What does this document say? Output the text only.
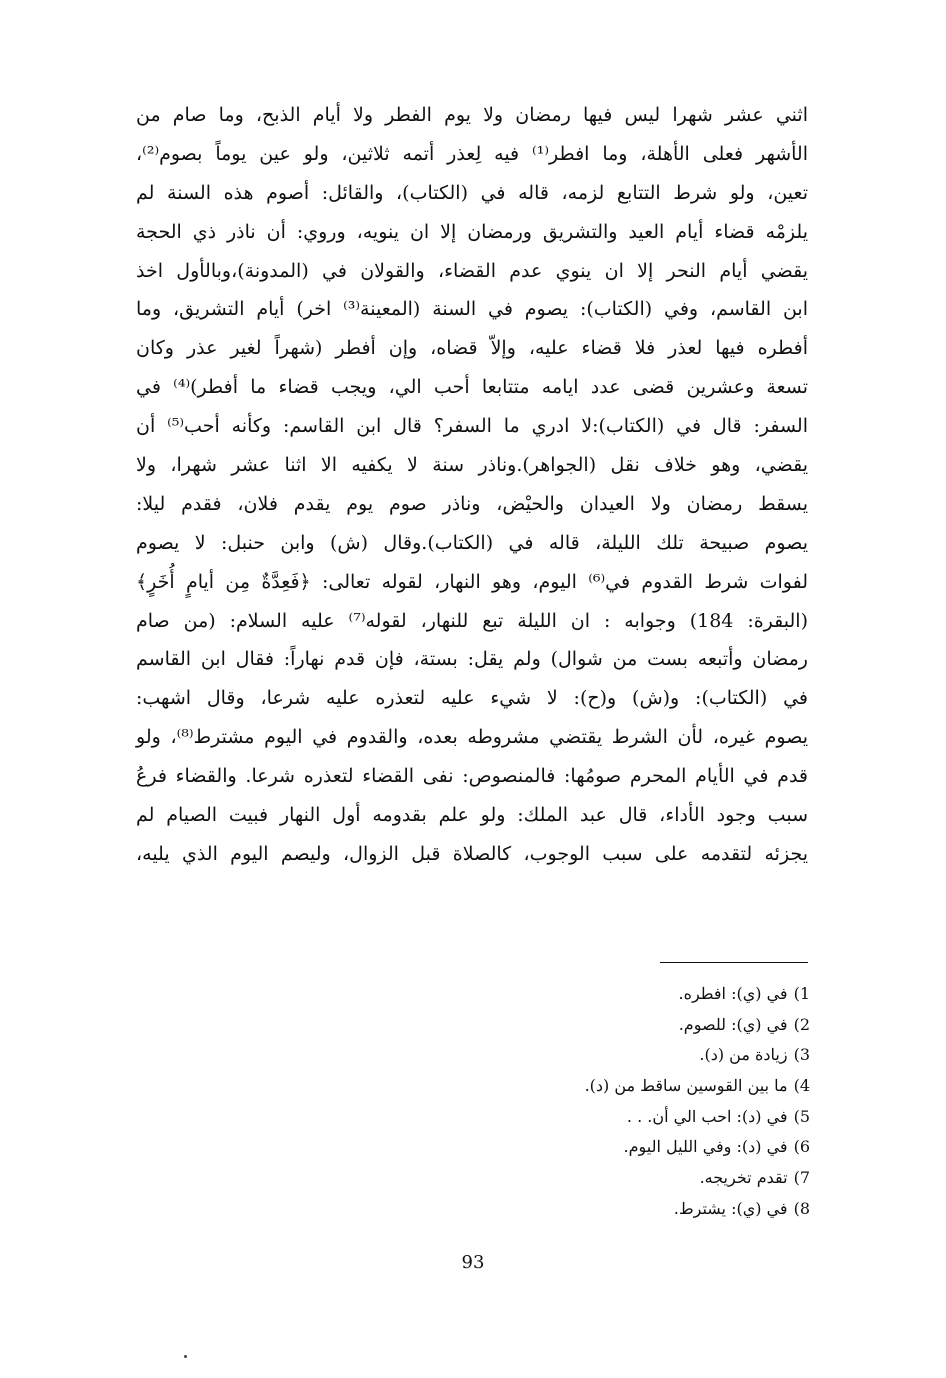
اثني عشر شهرا ليس فيها رمضان ولا يوم الفطر ولا أيام الذبح، وما صام من
الأشهر فعلى الأهلة، وما افطر⁽¹⁾ فيه لِعذر أتمه ثلاثين، ولو عين يوماً بصوم⁽²⁾،
تعين، ولو شرط التتابع لزمه، قاله في (الكتاب)، والقائل: أصوم هذه السنة لم
يلزمْه قضاء أيام العيد والتشريق ورمضان إلا ان ينويه، وروي: أن ناذر ذي الحجة
يقضي أيام النحر إلا ان ينوي عدم القضاء، والقولان في (المدونة)،وبالأول اخذ
ابن القاسم، وفي (الكتاب): يصوم في السنة (المعينة⁽³⁾ اخر) أيام التشريق، وما
أفطره فيها لعذر فلا قضاء عليه، وإلاّ قضاه، وإن أفطر (شهراً لغير عذر وكان
تسعة وعشرين قضى عدد ايامه متتابعا أحب الي، ويجب قضاء ما أفطر)⁽⁴⁾ في
السفر: قال في (الكتاب):لا ادري ما السفر؟ قال ابن القاسم: وكأنه أحب⁽⁵⁾ أن
يقضي، وهو خلاف نقل (الجواهر).وناذر سنة لا يكفيه الا اثنا عشر شهرا، ولا
يسقط رمضان ولا العيدان والحيْض، وناذر صوم يوم يقدم فلان، فقدم ليلا:
يصوم صبيحة تلك الليلة، قاله في (الكتاب).وقال (ش) وابن حنبل: لا يصوم
لفوات شرط القدوم في⁽⁶⁾ اليوم، وهو النهار، لقوله تعالى: ﴿فَعِدَّةٌ مِن أيامٍ أُخَرٍ﴾
(البقرة: 184) وجوابه : ان الليلة تبع للنهار، لقوله⁽⁷⁾ عليه السلام: (من صام
رمضان وأتبعه بست من شوال) ولم يقل: بستة، فإن قدم نهاراً: فقال ابن القاسم
في (الكتاب): و(ش) و(ح): لا شيء عليه لتعذره عليه شرعا، وقال اشهب:
يصوم غيره، لأن الشرط يقتضي مشروطه بعده، والقدوم في اليوم مشترط⁽⁸⁾، ولو
قدم في الأيام المحرم صومُها: فالمنصوص: نفى القضاء لتعذره شرعا. والقضاء فرعُ
سبب وجود الأداء، قال عبد الملك: ولو علم بقدومه أول النهار فبيت الصيام لم
يجزئه لتقدمه على سبب الوجوب، كالصلاة قبل الزوال، وليصم اليوم الذي يليه،
1)في (ي): افطره.
2)في (ي): للصوم.
3)زيادة من (د).
4)ما بين القوسين ساقط من (د).
5)في (د): احب الي أن. . .
6)في (د): وفي الليل اليوم.
7)تقدم تخريجه.
8)في (ي): يشترط.
93
